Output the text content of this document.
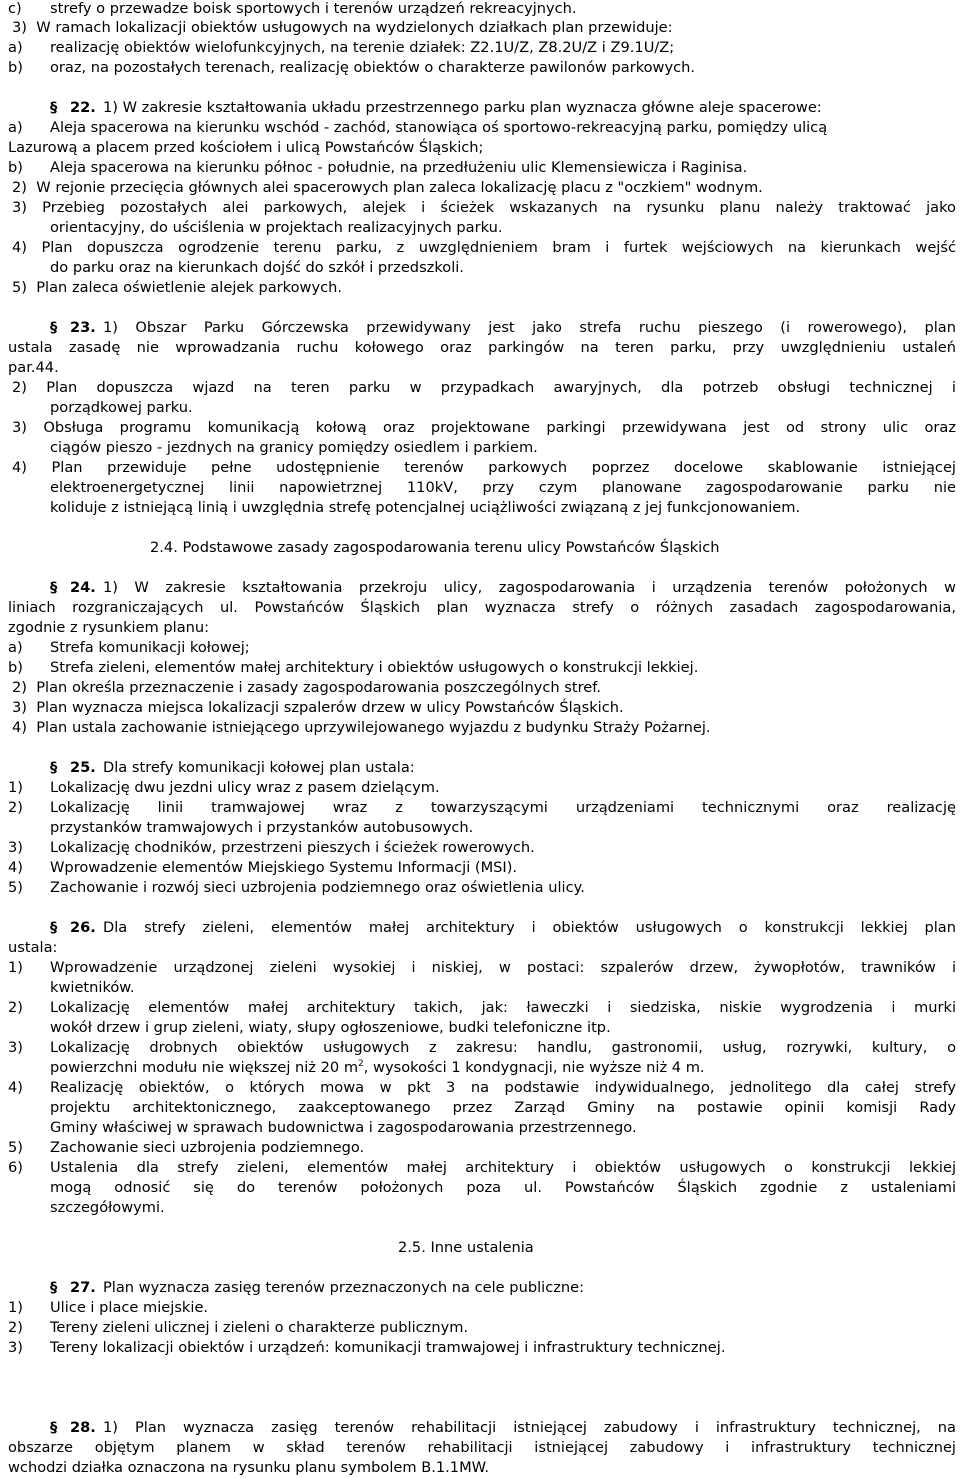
c) strefy o przewadze boisk sportowych i terenów urządzeń rekreacyjnych.
3)  W ramach lokalizacji obiektów usługowych na wydzielonych działkach plan przewiduje:
a) realizację obiektów wielofunkcyjnych, na terenie działek: Z2.1U/Z, Z8.2U/Z i Z9.1U/Z;
b) oraz, na pozostałych terenach, realizację obiektów o charakterze pawilonów parkowych.
§ 22. 1) W zakresie kształtowania układu przestrzennego parku plan wyznacza główne aleje spacerowe:
a) Aleja spacerowa na kierunku wschód - zachód, stanowiąca oś sportowo-rekreacyjną parku, pomiędzy ulicą
Lazurową a placem przed kościołem i ulicą Powstańców Śląskich;
b) Aleja spacerowa na kierunku północ - południe, na przedłużeniu ulic Klemensiewicza i Raginisa.
2)  W rejonie przecięcia głównych alei spacerowych plan zaleca lokalizację placu z "oczkiem" wodnym.
3) Przebieg pozostałych alei parkowych, alejek i ścieżek wskazanych na rysunku planu należy traktować jako
orientacyjny, do uściślenia w projektach realizacyjnych parku.
4) Plan dopuszcza ogrodzenie terenu parku, z uwzględnieniem bram i furtek wejściowych na kierunkach wejść
do parku oraz na kierunkach dojść do szkół i przedszkoli.
5)  Plan zaleca oświetlenie alejek parkowych.
§ 23. 1) Obszar Parku Górczewska przewidywany jest jako strefa ruchu pieszego (i rowerowego), plan
ustala zasadę nie wprowadzania ruchu kołowego oraz parkingów na teren parku, przy uwzględnieniu ustaleń
par.44.
2) Plan dopuszcza wjazd na teren parku w przypadkach awaryjnych, dla potrzeb obsługi technicznej i
porządkowej parku.
3) Obsługa programu komunikacją kołową oraz projektowane parkingi przewidywana jest od strony ulic oraz
ciągów pieszo - jezdnych na granicy pomiędzy osiedlem i parkiem.
4) Plan przewiduje pełne udostępnienie terenów parkowych poprzez docelowe skablowanie istniejącej
elektroenergetycznej linii napowietrznej 110kV, przy czym planowane zagospodarowanie parku nie
koliduje z istniejącą linią i uwzględnia strefę potencjalnej uciążliwości związaną z jej funkcjonowaniem.
2.4. Podstawowe zasady zagospodarowania terenu ulicy Powstańców Śląskich
§ 24. 1) W zakresie kształtowania przekroju ulicy, zagospodarowania i urządzenia terenów położonych w
liniach rozgraniczających ul. Powstańców Śląskich plan wyznacza strefy o różnych zasadach zagospodarowania,
zgodnie z rysunkiem planu:
a) Strefa komunikacji kołowej;
b) Strefa zieleni, elementów małej architektury i obiektów usługowych o konstrukcji lekkiej.
2)  Plan określa przeznaczenie i zasady zagospodarowania poszczególnych stref.
3)  Plan wyznacza miejsca lokalizacji szpalerów drzew w ulicy Powstańców Śląskich.
4)  Plan ustala zachowanie istniejącego uprzywilejowanego wyjazdu z budynku Straży Pożarnej.
§ 25. Dla strefy komunikacji kołowej plan ustala:
1) Lokalizację dwu jezdni ulicy wraz z pasem dzielącym.
2) Lokalizację linii tramwajowej wraz z towarzyszącymi urządzeniami technicznymi oraz realizację
przystanków tramwajowych i przystanków autobusowych.
3) Lokalizację chodników, przestrzeni pieszych i ścieżek rowerowych.
4) Wprowadzenie elementów Miejskiego Systemu Informacji (MSI).
5) Zachowanie i rozwój sieci uzbrojenia podziemnego oraz oświetlenia ulicy.
§ 26. Dla strefy zieleni, elementów małej architektury i obiektów usługowych o konstrukcji lekkiej plan
ustala:
1) Wprowadzenie urządzonej zieleni wysokiej i niskiej, w postaci: szpalerów drzew, żywopłotów, trawników i
kwietników.
2) Lokalizację elementów małej architektury takich, jak: ławeczki i siedziska, niskie wygrodzenia i murki
wokół drzew i grup zieleni, wiaty, słupy ogłoszeniowe, budki telefoniczne itp.
3) Lokalizację drobnych obiektów usługowych z zakresu: handlu, gastronomii, usług, rozrywki, kultury, o
powierzchni modułu nie większej niż 20 $m^2$, wysokości 1 kondygnacji, nie wyższe niż 4 m.
4) Realizację obiektów, o których mowa w pkt 3 na podstawie indywidualnego, jednolitego dla całej strefy
projektu architektonicznego, zaakceptowanego przez Zarząd Gminy na postawie opinii komisji Rady
Gminy właściwej w sprawach budownictwa i zagospodarowania przestrzennego.
5) Zachowanie sieci uzbrojenia podziemnego.
6) Ustalenia dla strefy zieleni, elementów małej architektury i obiektów usługowych o konstrukcji lekkiej
mogą odnosić się do terenów położonych poza ul. Powstańców Śląskich zgodnie z ustaleniami
szczegółowymi.
2.5. Inne ustalenia
§ 27. Plan wyznacza zasięg terenów przeznaczonych na cele publiczne:
1) Ulice i place miejskie.
2) Tereny zieleni ulicznej i zieleni o charakterze publicznym.
3) Tereny lokalizacji obiektów i urządzeń: komunikacji tramwajowej i infrastruktury technicznej.
§ 28. 1) Plan wyznacza zasięg terenów rehabilitacji istniejącej zabudowy i infrastruktury technicznej, na
obszarze objętym planem w skład terenów rehabilitacji istniejącej zabudowy i infrastruktury technicznej
wchodzi działka oznaczona na rysunku planu symbolem B.1.1MW.
